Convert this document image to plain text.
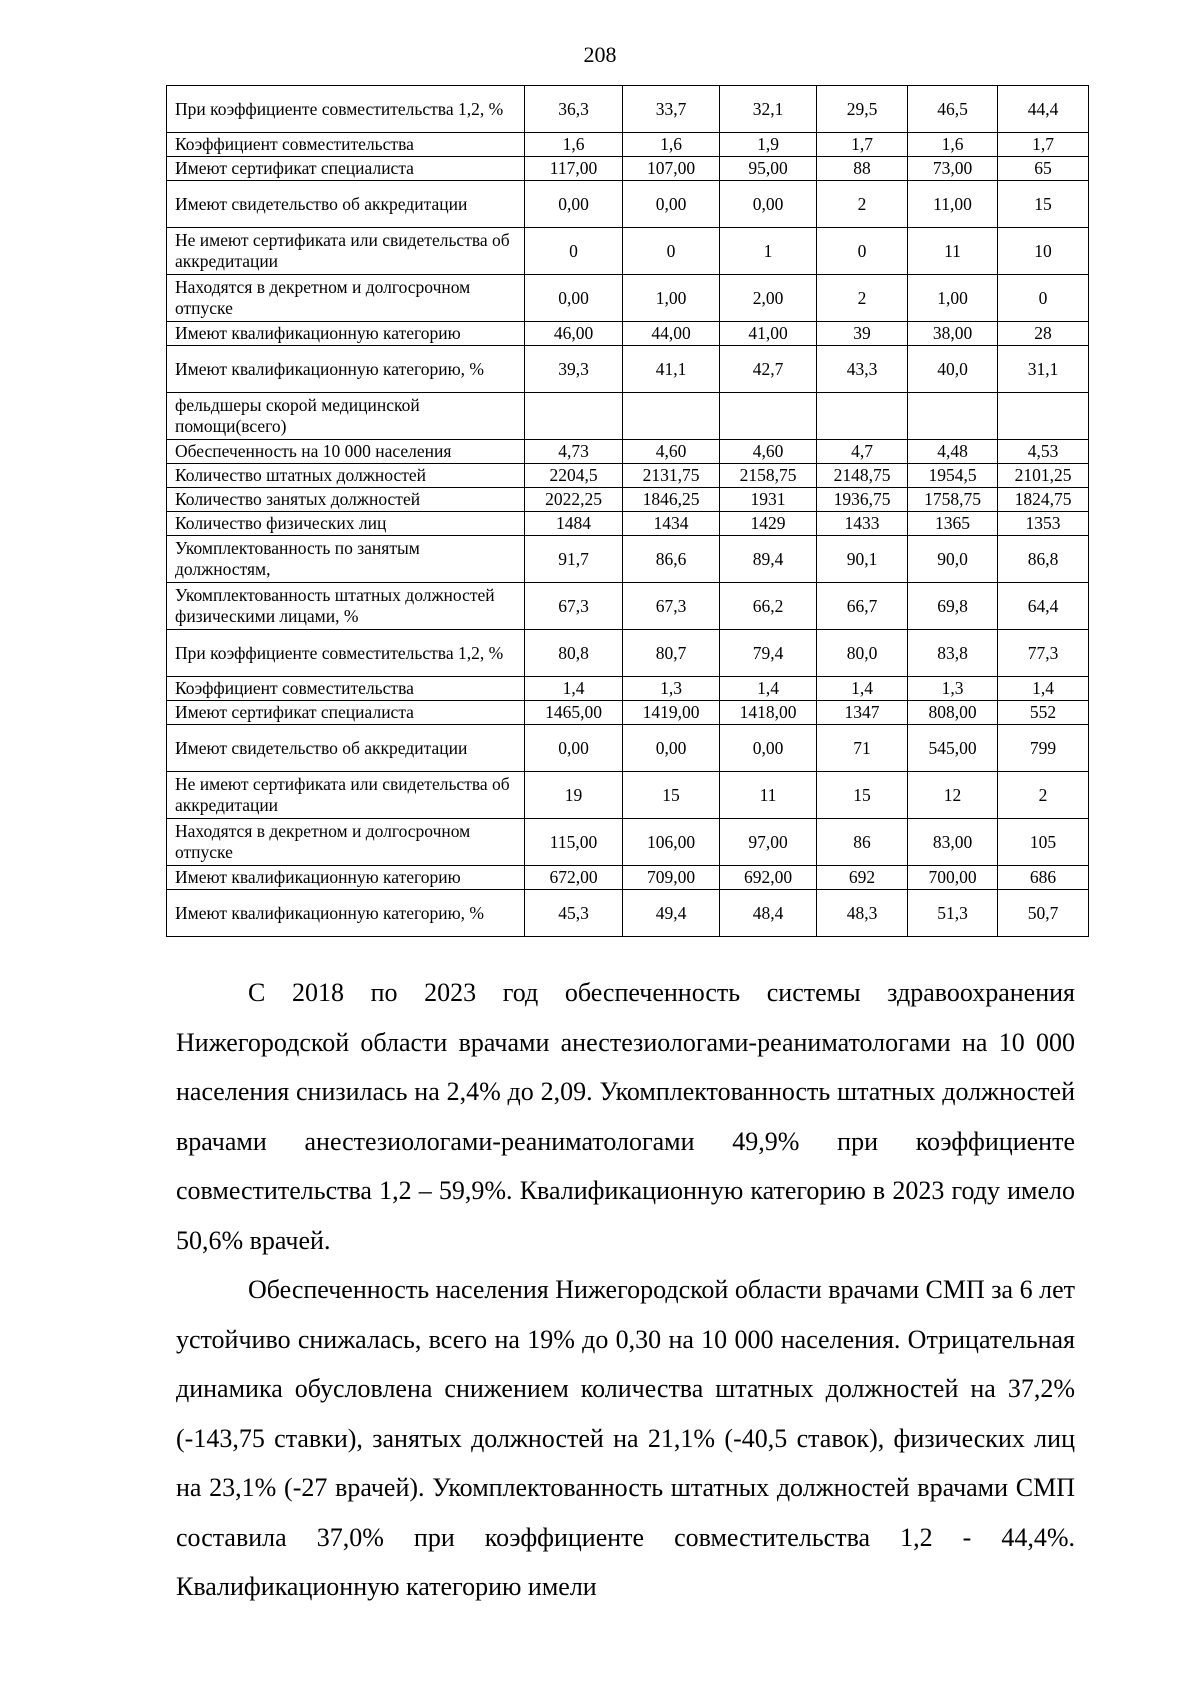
208
При коэффициенте совместительства 1,2, %	36,3	33,7	32,1	29,5	46,5	44,4
Коэффициент совместительства	1,6	1,6	1,9	1,7	1,6	1,7
Имеют сертификат специалиста	117,00	107,00	95,00	88	73,00	65
Имеют свидетельство об аккредитации	0,00	0,00	0,00	2	11,00	15
Не имеют сертификата или свидетельства об аккредитации	0	0	1	0	11	10
Находятся в декретном и долгосрочном отпуске	0,00	1,00	2,00	2	1,00	0
Имеют квалификационную категорию	46,00	44,00	41,00	39	38,00	28
Имеют квалификационную категорию, %	39,3	41,1	42,7	43,3	40,0	31,1
фельдшеры скорой медицинской помощи(всего)						
Обеспеченность на 10 000 населения	4,73	4,60	4,60	4,7	4,48	4,53
Количество штатных должностей	2204,5	2131,75	2158,75	2148,75	1954,5	2101,25
Количество занятых должностей	2022,25	1846,25	1931	1936,75	1758,75	1824,75
Количество физических лиц	1484	1434	1429	1433	1365	1353
Укомплектованность по занятым должностям,	91,7	86,6	89,4	90,1	90,0	86,8
Укомплектованность штатных должностей физическими лицами, %	67,3	67,3	66,2	66,7	69,8	64,4
При коэффициенте совместительства 1,2, %	80,8	80,7	79,4	80,0	83,8	77,3
Коэффициент совместительства	1,4	1,3	1,4	1,4	1,3	1,4
Имеют сертификат специалиста	1465,00	1419,00	1418,00	1347	808,00	552
Имеют свидетельство об аккредитации	0,00	0,00	0,00	71	545,00	799
Не имеют сертификата или свидетельства об аккредитации	19	15	11	15	12	2
Находятся в декретном и долгосрочном отпуске	115,00	106,00	97,00	86	83,00	105
Имеют квалификационную категорию	672,00	709,00	692,00	692	700,00	686
Имеют квалификационную категорию, %	45,3	49,4	48,4	48,3	51,3	50,7

С 2018 по 2023 год обеспеченность системы здравоохранения Нижегородской области врачами анестезиологами-реаниматологами на 10 000 населения снизилась на 2,4% до 2,09. Укомплектованность штатных должностей врачами анестезиологами-реаниматологами 49,9% при коэффициенте совместительства 1,2 – 59,9%. Квалификационную категорию в 2023 году имело 50,6% врачей.

Обеспеченность населения Нижегородской области врачами СМП за 6 лет устойчиво снижалась, всего на 19% до 0,30 на 10 000 населения. Отрицательная динамика обусловлена снижением количества штатных должностей на 37,2% (-143,75 ставки), занятых должностей на 21,1% (-40,5 ставок), физических лиц на 23,1% (-27 врачей). Укомплектованность штатных должностей врачами СМП составила 37,0% при коэффициенте совместительства 1,2 - 44,4%. Квалификационную категорию имели
